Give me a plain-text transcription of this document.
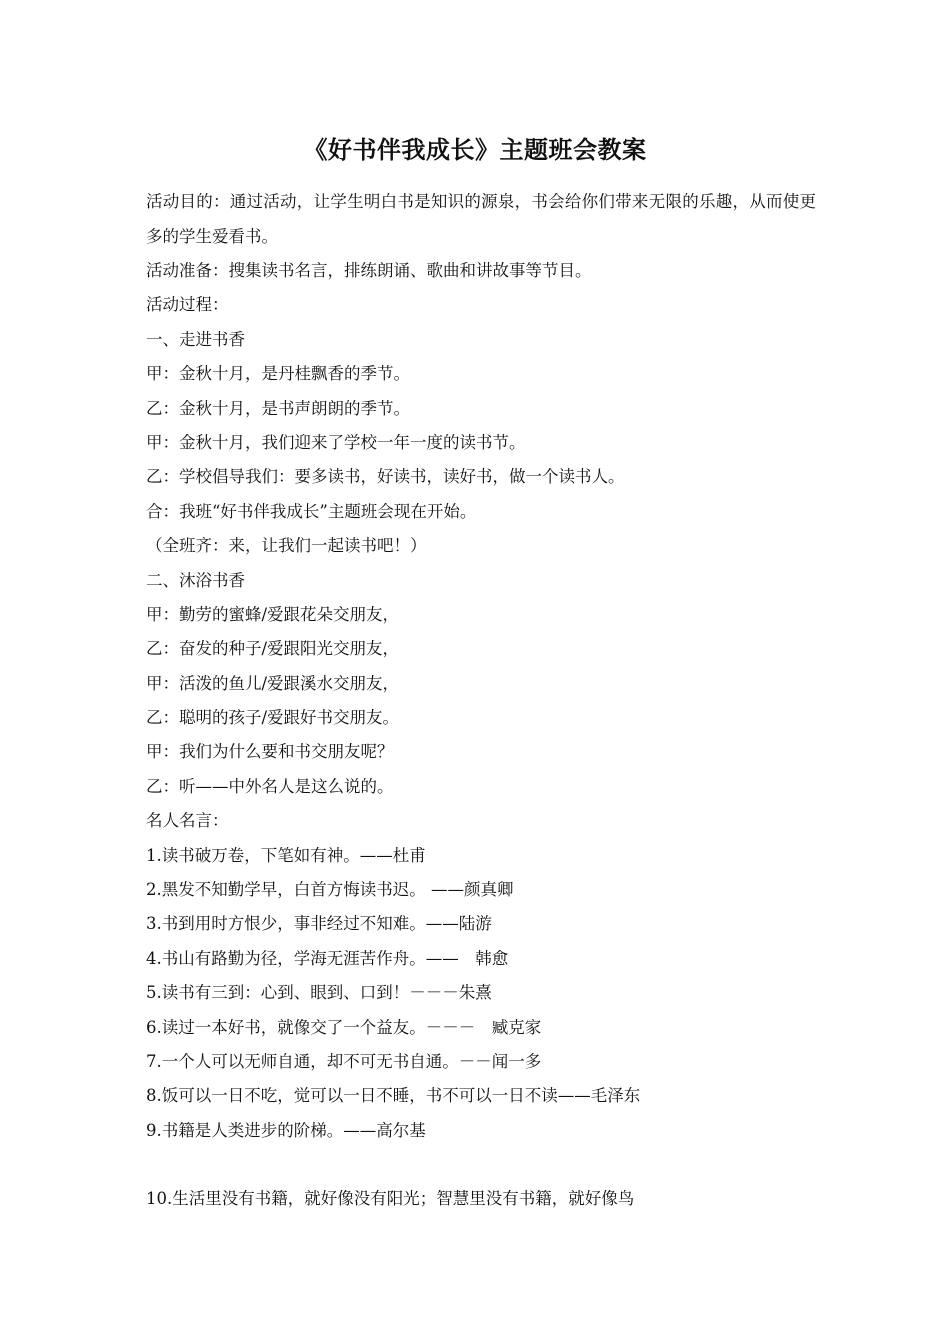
《好书伴我成长》主题班会教案
活动目的：通过活动，让学生明白书是知识的源泉，书会给你们带来无限的乐趣，从而使更多的学生爱看书。
活动准备：搜集读书名言，排练朗诵、歌曲和讲故事等节目。
活动过程：
一、走进书香
甲：金秋十月，是丹桂飘香的季节。
乙：金秋十月，是书声朗朗的季节。
甲：金秋十月，我们迎来了学校一年一度的读书节。
乙：学校倡导我们：要多读书，好读书，读好书，做一个读书人。
合：我班“好书伴我成长”主题班会现在开始。
（全班齐：来，让我们一起读书吧！）
二、沐浴书香
甲：勤劳的蜜蜂/爱跟花朵交朋友，
乙：奋发的种子/爱跟阳光交朋友，
甲：活泼的鱼儿/爱跟溪水交朋友，
乙：聪明的孩子/爱跟好书交朋友。
甲：我们为什么要和书交朋友呢？
乙：听——中外名人是这么说的。
名人名言：
1.读书破万卷，下笔如有神。——杜甫
2.黑发不知勤学早，白首方悔读书迟。 ——颜真卿
3.书到用时方恨少，事非经过不知难。——陆游
4.书山有路勤为径，学海无涯苦作舟。——　韩愈
5.读书有三到：心到、眼到、口到！－－－朱熹
6.读过一本好书，就像交了一个益友。－－－　臧克家
7.一个人可以无师自通，却不可无书自通。－－闻一多
8.饭可以一日不吃，觉可以一日不睡，书不可以一日不读——毛泽东
9.书籍是人类进步的阶梯。——高尔基
10.生活里没有书籍，就好像没有阳光；智慧里没有书籍，就好像鸟
